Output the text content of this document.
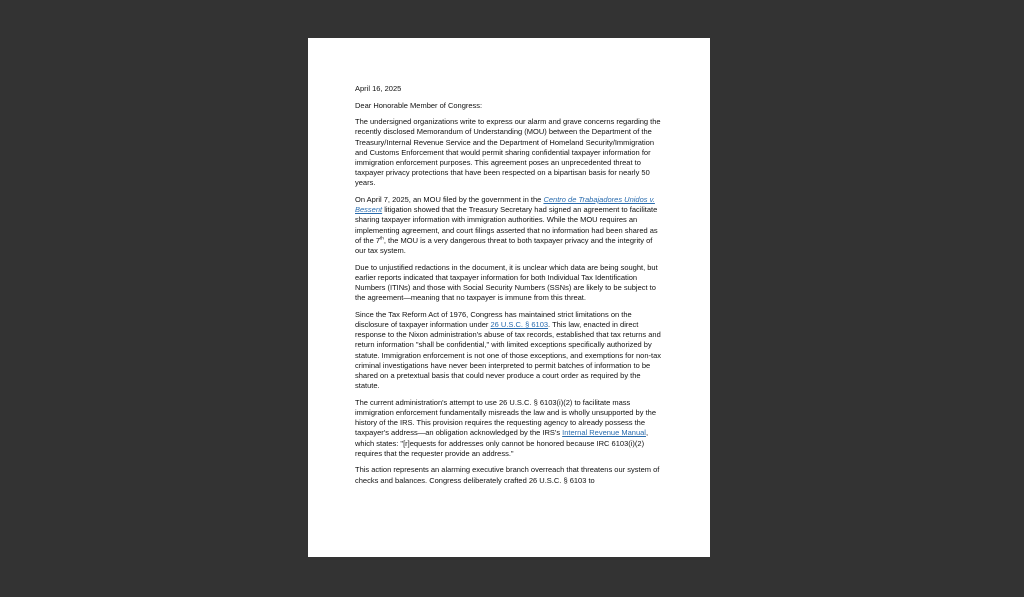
April 16, 2025

Dear Honorable Member of Congress:

The undersigned organizations write to express our alarm and grave concerns regarding the recently disclosed Memorandum of Understanding (MOU) between the Department of the Treasury/Internal Revenue Service and the Department of Homeland Security/Immigration and Customs Enforcement that would permit sharing confidential taxpayer information for immigration enforcement purposes. This agreement poses an unprecedented threat to taxpayer privacy protections that have been respected on a bipartisan basis for nearly 50 years.

On April 7, 2025, an MOU filed by the government in the Centro de Trabajadores Unidos v. Bessent litigation showed that the Treasury Secretary had signed an agreement to facilitate sharing taxpayer information with immigration authorities. While the MOU requires an implementing agreement, and court filings asserted that no information had been shared as of the 7th, the MOU is a very dangerous threat to both taxpayer privacy and the integrity of our tax system.

Due to unjustified redactions in the document, it is unclear which data are being sought, but earlier reports indicated that taxpayer information for both Individual Tax Identification Numbers (ITINs) and those with Social Security Numbers (SSNs) are likely to be subject to the agreement—meaning that no taxpayer is immune from this threat.

Since the Tax Reform Act of 1976, Congress has maintained strict limitations on the disclosure of taxpayer information under 26 U.S.C. § 6103. This law, enacted in direct response to the Nixon administration's abuse of tax records, established that tax returns and return information "shall be confidential," with limited exceptions specifically authorized by statute. Immigration enforcement is not one of those exceptions, and exemptions for non-tax criminal investigations have never been interpreted to permit batches of information to be shared on a pretextual basis that could never produce a court order as required by the statute.

The current administration's attempt to use 26 U.S.C. § 6103(i)(2) to facilitate mass immigration enforcement fundamentally misreads the law and is wholly unsupported by the history of the IRS. This provision requires the requesting agency to already possess the taxpayer's address—an obligation acknowledged by the IRS's Internal Revenue Manual, which states: "[r]equests for addresses only cannot be honored because IRC 6103(i)(2) requires that the requester provide an address."

This action represents an alarming executive branch overreach that threatens our system of checks and balances. Congress deliberately crafted 26 U.S.C. § 6103 to
